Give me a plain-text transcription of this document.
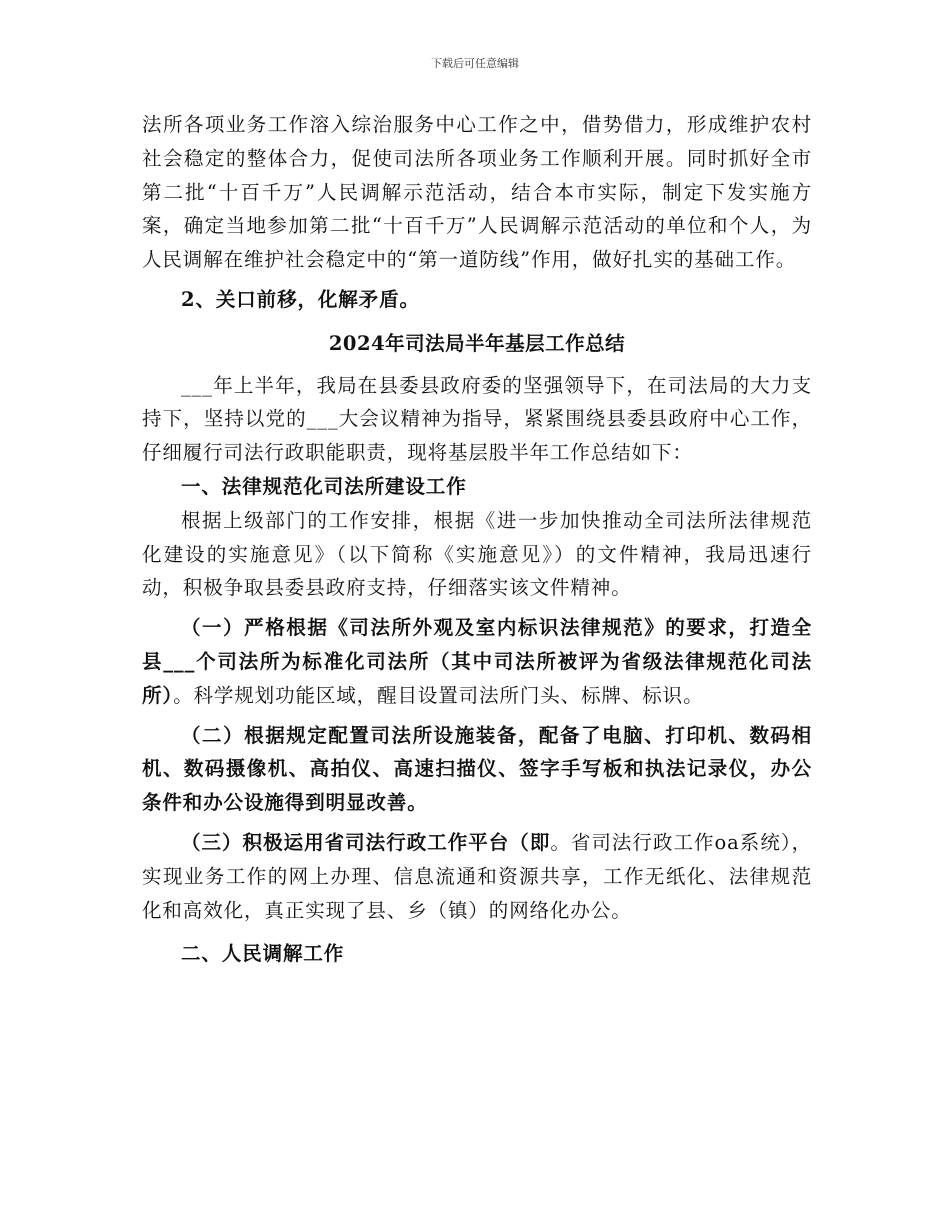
下载后可任意编辑

法所各项业务工作溶入综治服务中心工作之中，借势借力，形成维护农村社会稳定的整体合力，促使司法所各项业务工作顺利开展。同时抓好全市第二批“十百千万”人民调解示范活动，结合本市实际，制定下发实施方案，确定当地参加第二批“十百千万”人民调解示范活动的单位和个人，为人民调解在维护社会稳定中的“第一道防线”作用，做好扎实的基础工作。

2、关口前移，化解矛盾。

2024年司法局半年基层工作总结

___年上半年，我局在县委县政府委的坚强领导下，在司法局的大力支持下，坚持以党的___大会议精神为指导，紧紧围绕县委县政府中心工作，仔细履行司法行政职能职责，现将基层股半年工作总结如下：

一、法律规范化司法所建设工作

根据上级部门的工作安排，根据《进一步加快推动全司法所法律规范化建设的实施意见》（以下简称《实施意见》）的文件精神，我局迅速行动，积极争取县委县政府支持，仔细落实该文件精神。

（一）严格根据《司法所外观及室内标识法律规范》的要求，打造全县___个司法所为标准化司法所（其中司法所被评为省级法律规范化司法所）。科学规划功能区域，醒目设置司法所门头、标牌、标识。

（二）根据规定配置司法所设施装备，配备了电脑、打印机、数码相机、数码摄像机、高拍仪、高速扫描仪、签字手写板和执法记录仪，办公条件和办公设施得到明显改善。

（三）积极运用省司法行政工作平台（即。省司法行政工作oa系统），实现业务工作的网上办理、信息流通和资源共享，工作无纸化、法律规范化和高效化，真正实现了县、乡（镇）的网络化办公。

二、人民调解工作
